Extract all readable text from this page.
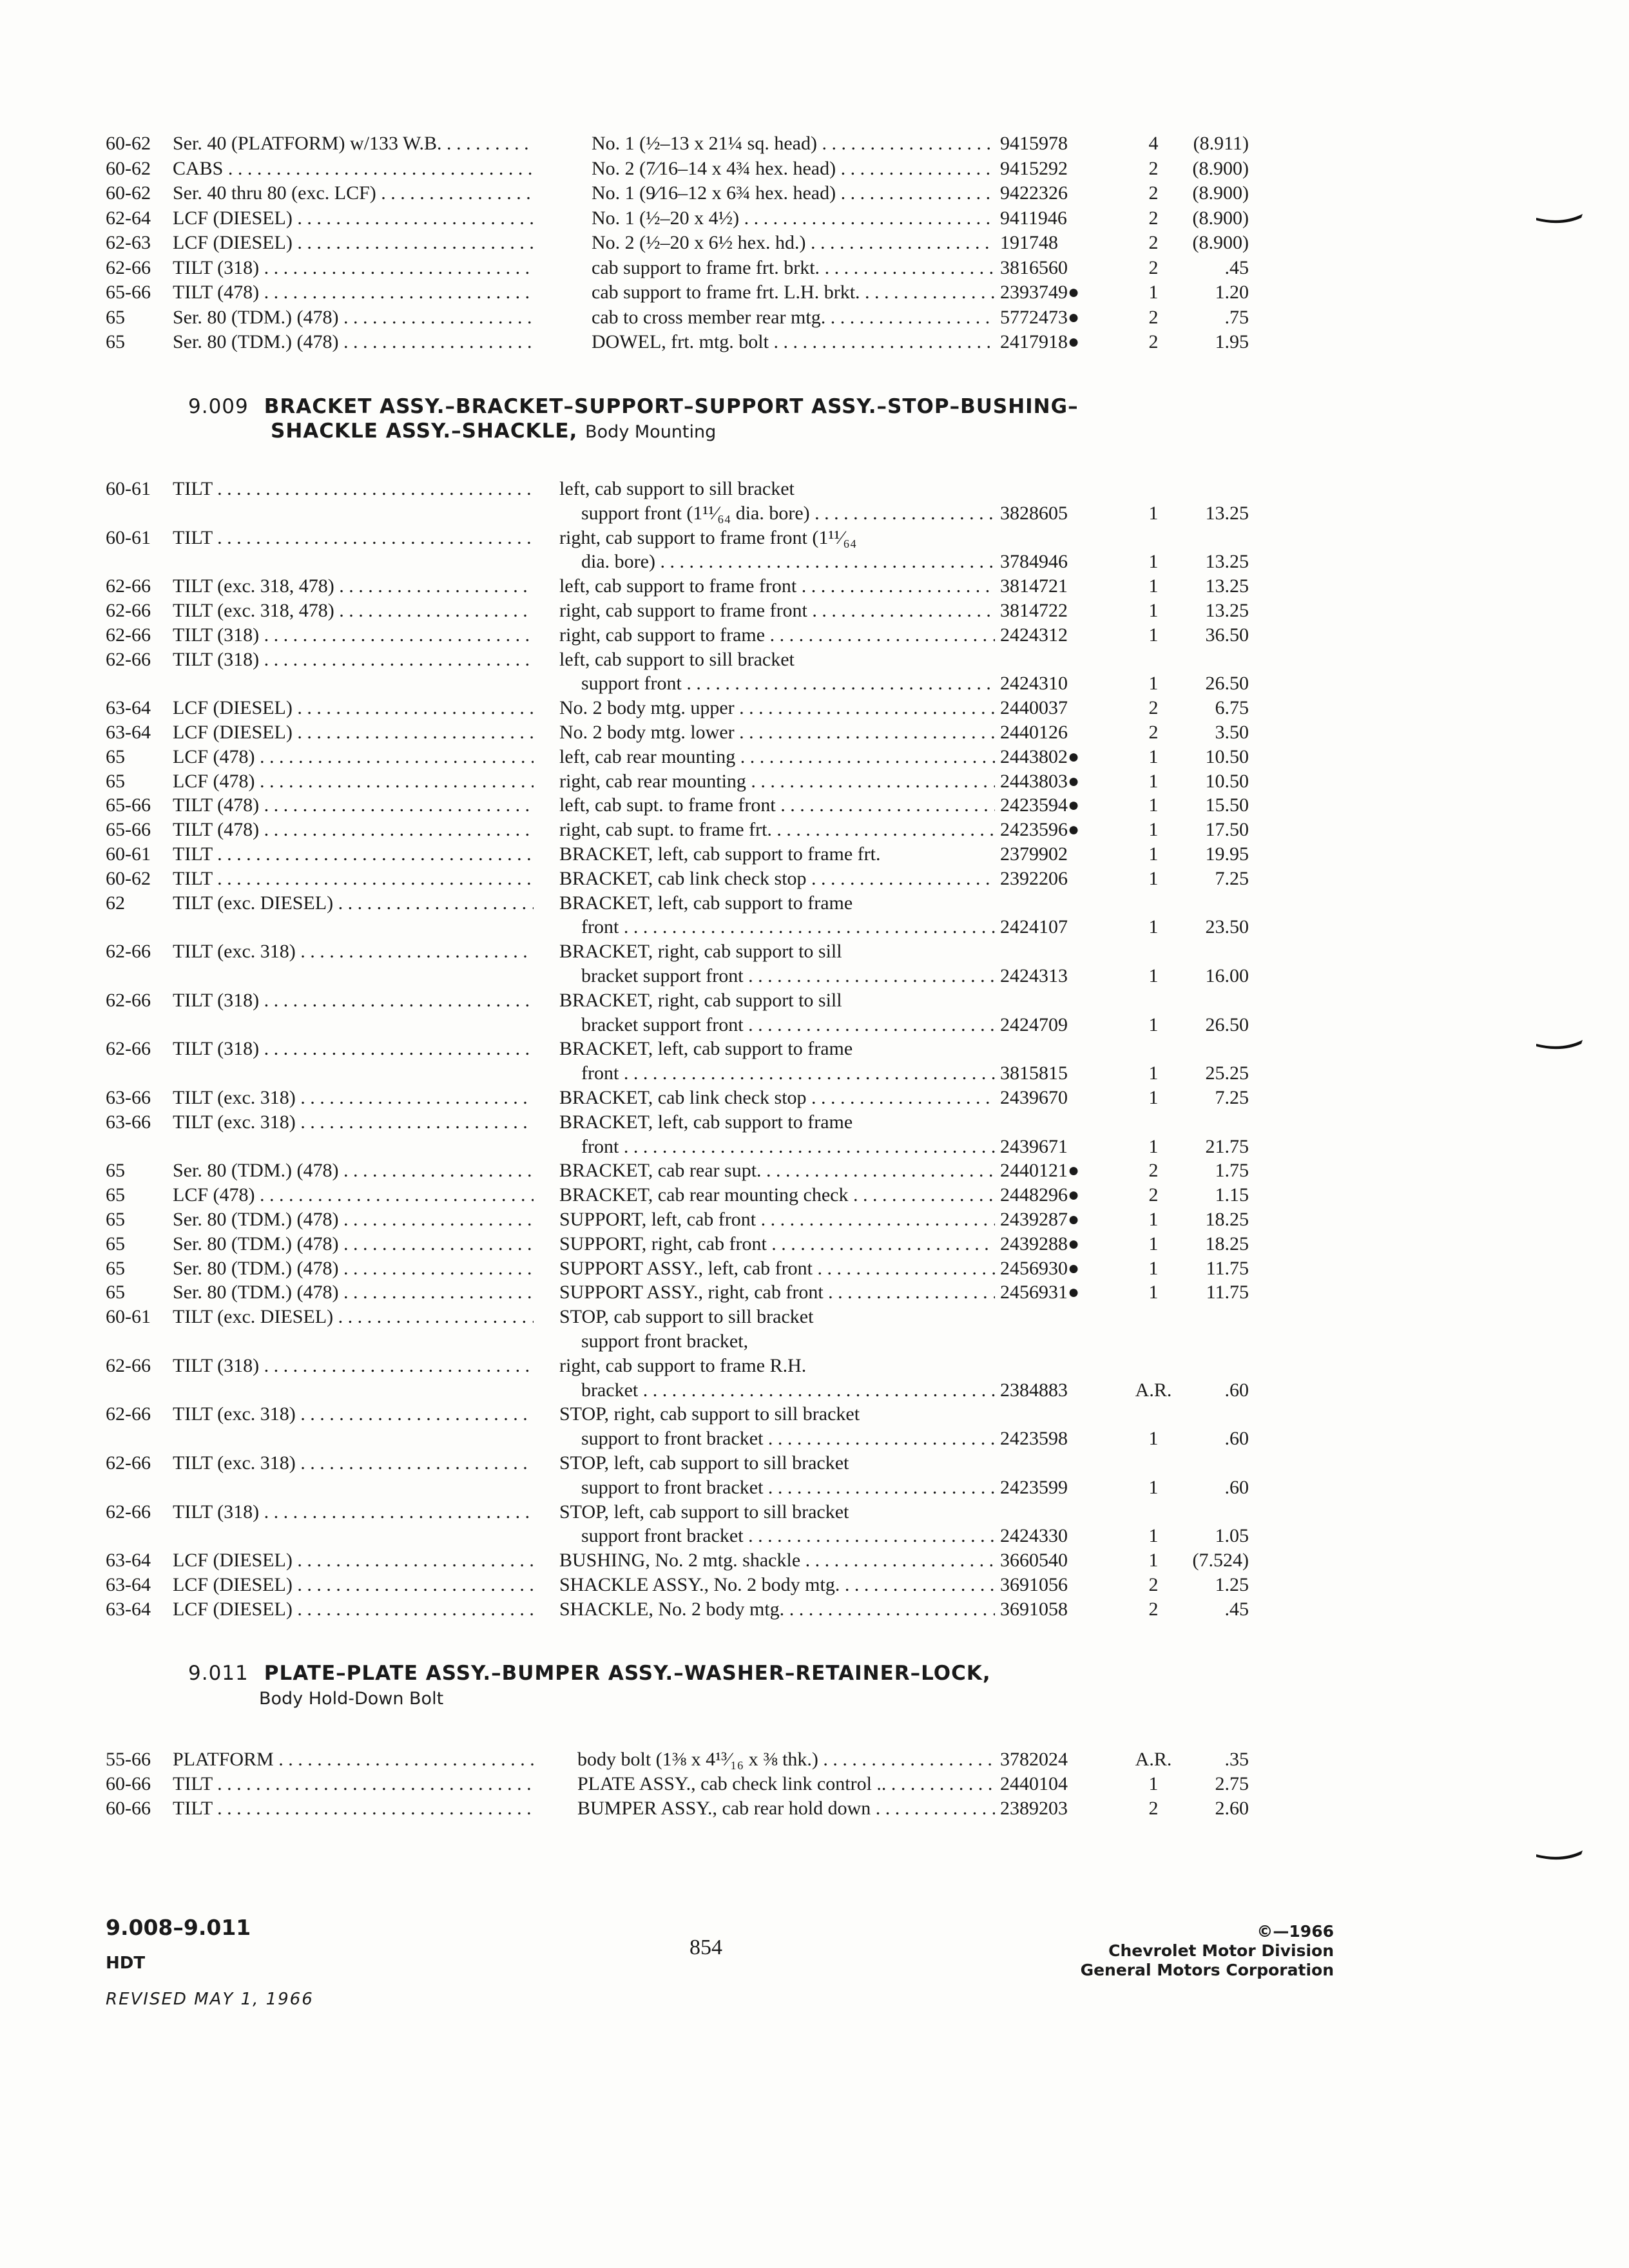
60-62	Ser. 40 (PLATFORM) w/133 W.B. . . . .	No. 1 (½–13 x 21¼ sq. head) . . .	9415978	4	(8.911)
60-62	CABS . . .	No. 2 (7⁄16–14 x 4¾ hex. head) . . .	9415292	2	(8.900)
60-62	Ser. 40 thru 80 (exc. LCF) . . .	No. 1 (9⁄16–12 x 6¾ hex. head) . . .	9422326	2	(8.900)
62-64	LCF (DIESEL) . . .	No. 1 (½–20 x 4½) . . .	9411946	2	(8.900)
62-63	LCF (DIESEL) . . .	No. 2 (½–20 x 6½ hex. hd.) . . .	191748	2	(8.900)
62-66	TILT (318) . . .	cab support to frame frt. brkt. . . .	3816560	2	.45
65-66	TILT (478) . . .	cab support to frame frt. L.H. brkt. . . .	2393749●	1	1.20
65	Ser. 80 (TDM.) (478) . . .	cab to cross member rear mtg. . . .	5772473●	2	.75
65	Ser. 80 (TDM.) (478) . . .	DOWEL, frt. mtg. bolt . . .	2417918●	2	1.95
9.009 BRACKET ASSY.–BRACKET–SUPPORT–SUPPORT ASSY.–STOP–BUSHING–
SHACKLE ASSY.–SHACKLE, Body Mounting
60-61	TILT . . .	left, cab support to sill bracket
support front (1¹¹⁄₆₄ dia. bore) . . .	3828605	1	13.25
60-61	TILT . . .	right, cab support to frame front (1¹¹⁄₆₄
dia. bore) . . .	3784946	1	13.25
62-66	TILT (exc. 318, 478) . . .	left, cab support to frame front . . .	3814721	1	13.25
62-66	TILT (exc. 318, 478) . . .	right, cab support to frame front . . .	3814722	1	13.25
62-66	TILT (318) . . .	right, cab support to frame . . .	2424312	1	36.50
62-66	TILT (318) . . .	left, cab support to sill bracket
support front . . .	2424310	1	26.50
63-64	LCF (DIESEL) . . .	No. 2 body mtg. upper . . .	2440037	2	6.75
63-64	LCF (DIESEL) . . .	No. 2 body mtg. lower . . .	2440126	2	3.50
65	LCF (478) . . .	left, cab rear mounting . . .	2443802●	1	10.50
65	LCF (478) . . .	right, cab rear mounting . . .	2443803●	1	10.50
65-66	TILT (478) . . .	left, cab supt. to frame front . . .	2423594●	1	15.50
65-66	TILT (478) . . .	right, cab supt. to frame frt. . . .	2423596●	1	17.50
60-61	TILT . . .	BRACKET, left, cab support to frame frt.	2379902	1	19.95
60-62	TILT . . .	BRACKET, cab link check stop . . .	2392206	1	7.25
62	TILT (exc. DIESEL) . . .	BRACKET, left, cab support to frame
front . . .	2424107	1	23.50
62-66	TILT (exc. 318) . . .	BRACKET, right, cab support to sill
bracket support front . . .	2424313	1	16.00
62-66	TILT (318) . . .	BRACKET, right, cab support to sill
bracket support front . . .	2424709	1	26.50
62-66	TILT (318) . . .	BRACKET, left, cab support to frame
front . . .	3815815	1	25.25
63-66	TILT (exc. 318) . . .	BRACKET, cab link check stop . . .	2439670	1	7.25
63-66	TILT (exc. 318) . . .	BRACKET, left, cab support to frame
front . . .	2439671	1	21.75
65	Ser. 80 (TDM.) (478) . . .	BRACKET, cab rear supt. . . .	2440121●	2	1.75
65	LCF (478) . . .	BRACKET, cab rear mounting check . . .	2448296●	2	1.15
65	Ser. 80 (TDM.) (478) . . .	SUPPORT, left, cab front . . .	2439287●	1	18.25
65	Ser. 80 (TDM.) (478) . . .	SUPPORT, right, cab front . . .	2439288●	1	18.25
65	Ser. 80 (TDM.) (478) . . .	SUPPORT ASSY., left, cab front . . .	2456930●	1	11.75
65	Ser. 80 (TDM.) (478) . . .	SUPPORT ASSY., right, cab front . . .	2456931●	1	11.75
60-61	TILT (exc. DIESEL) . . .	STOP, cab support to sill bracket
support front bracket,
62-66	TILT (318) . . .	right, cab support to frame R.H.
bracket . . .	2384883	A.R.	.60
62-66	TILT (exc. 318) . . .	STOP, right, cab support to sill bracket
support to front bracket . . .	2423598	1	.60
62-66	TILT (exc. 318) . . .	STOP, left, cab support to sill bracket
support to front bracket . . .	2423599	1	.60
62-66	TILT (318) . . .	STOP, left, cab support to sill bracket
support front bracket . . .	2424330	1	1.05
63-64	LCF (DIESEL) . . .	BUSHING, No. 2 mtg. shackle . . .	3660540	1	(7.524)
63-64	LCF (DIESEL) . . .	SHACKLE ASSY., No. 2 body mtg. . . .	3691056	2	1.25
63-64	LCF (DIESEL) . . .	SHACKLE, No. 2 body mtg. . . .	3691058	2	.45
9.011 PLATE–PLATE ASSY.–BUMPER ASSY.–WASHER–RETAINER–LOCK,
Body Hold-Down Bolt
55-66	PLATFORM . . .	body bolt (1⅜ x 4¹³⁄₁₆ x ⅜ thk.) . . .	3782024	A.R.	.35
60-66	TILT . . .	PLATE ASSY., cab check link control .. . . .	2440104	1	2.75
60-66	TILT . . .	BUMPER ASSY., cab rear hold down . . .	2389203	2	2.60
9.008–9.011
HDT
REVISED MAY 1, 1966
854
©—1966
Chevrolet Motor Division
General Motors Corporation
